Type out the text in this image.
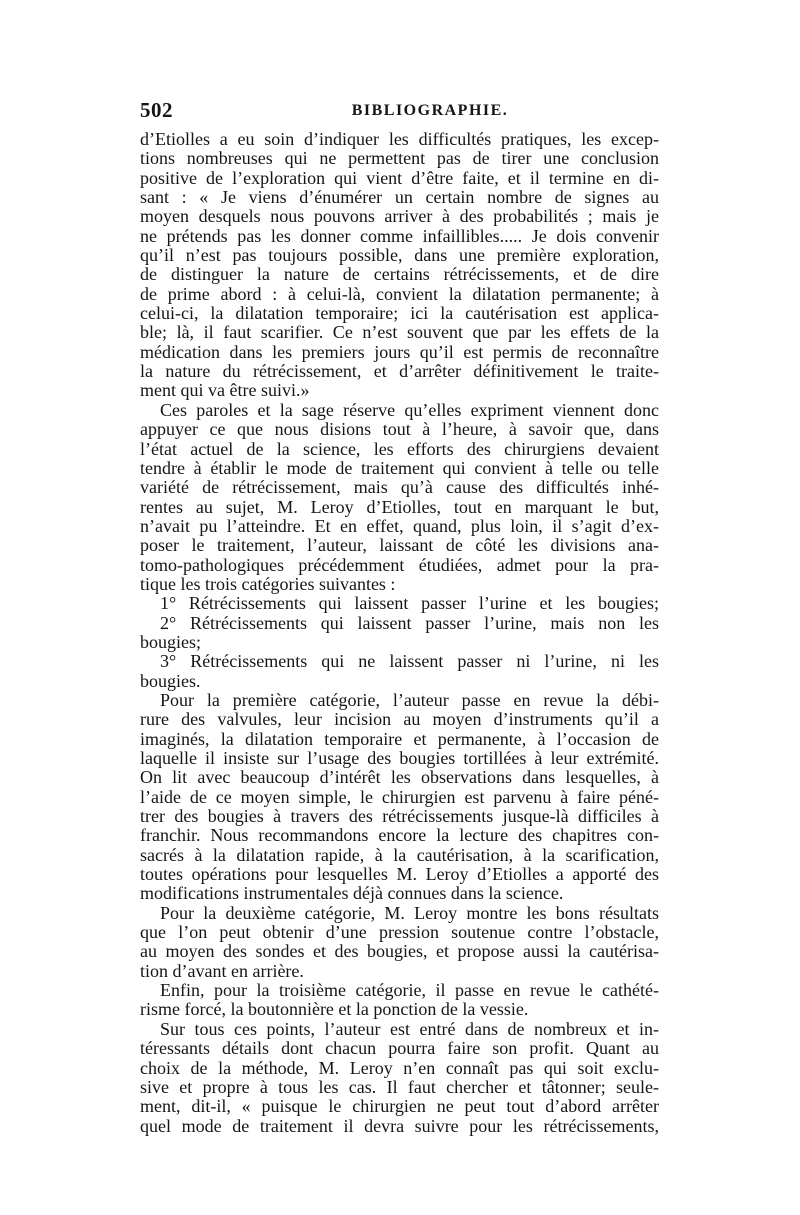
502	BIBLIOGRAPHIE.
d’Etiolles a eu soin d’indiquer les difficultés pratiques, les excep-
tions nombreuses qui ne permettent pas de tirer une conclusion
positive de l’exploration qui vient d’être faite, et il termine en di-
sant : « Je viens d’énumérer un certain nombre de signes au
moyen desquels nous pouvons arriver à des probabilités ; mais je
ne prétends pas les donner comme infaillibles..... Je dois convenir
qu’il n’est pas toujours possible, dans une première exploration,
de distinguer la nature de certains rétrécissements, et de dire
de prime abord : à celui-là, convient la dilatation permanente; à
celui-ci, la dilatation temporaire; ici la cautérisation est applica-
ble; là, il faut scarifier. Ce n’est souvent que par les effets de la
médication dans les premiers jours qu’il est permis de reconnaître
la nature du rétrécissement, et d’arrêter définitivement le traite-
ment qui va être suivi.»
Ces paroles et la sage réserve qu’elles expriment viennent donc
appuyer ce que nous disions tout à l’heure, à savoir que, dans
l’état actuel de la science, les efforts des chirurgiens devaient
tendre à établir le mode de traitement qui convient à telle ou telle
variété de rétrécissement, mais qu’à cause des difficultés inhé-
rentes au sujet, M. Leroy d’Etiolles, tout en marquant le but,
n’avait pu l’atteindre. Et en effet, quand, plus loin, il s’agit d’ex-
poser le traitement, l’auteur, laissant de côté les divisions ana-
tomo-pathologiques précédemment étudiées, admet pour la pra-
tique les trois catégories suivantes :
1° Rétrécissements qui laissent passer l’urine et les bougies;
2° Rétrécissements qui laissent passer l’urine, mais non les
bougies;
3° Rétrécissements qui ne laissent passer ni l’urine, ni les
bougies.
Pour la première catégorie, l’auteur passe en revue la débi-
rure des valvules, leur incision au moyen d’instruments qu’il a
imaginés, la dilatation temporaire et permanente, à l’occasion de
laquelle il insiste sur l’usage des bougies tortillées à leur extrémité.
On lit avec beaucoup d’intérêt les observations dans lesquelles, à
l’aide de ce moyen simple, le chirurgien est parvenu à faire péné-
trer des bougies à travers des rétrécissements jusque-là difficiles à
franchir. Nous recommandons encore la lecture des chapitres con-
sacrés à la dilatation rapide, à la cautérisation, à la scarification,
toutes opérations pour lesquelles M. Leroy d’Etiolles a apporté des
modifications instrumentales déjà connues dans la science.
Pour la deuxième catégorie, M. Leroy montre les bons résultats
que l’on peut obtenir d’une pression soutenue contre l’obstacle,
au moyen des sondes et des bougies, et propose aussi la cautérisa-
tion d’avant en arrière.
Enfin, pour la troisième catégorie, il passe en revue le cathété-
risme forcé, la boutonnière et la ponction de la vessie.
Sur tous ces points, l’auteur est entré dans de nombreux et in-
téressants détails dont chacun pourra faire son profit. Quant au
choix de la méthode, M. Leroy n’en connaît pas qui soit exclu-
sive et propre à tous les cas. Il faut chercher et tâtonner; seule-
ment, dit-il, « puisque le chirurgien ne peut tout d’abord arrêter
quel mode de traitement il devra suivre pour les rétrécissements,
